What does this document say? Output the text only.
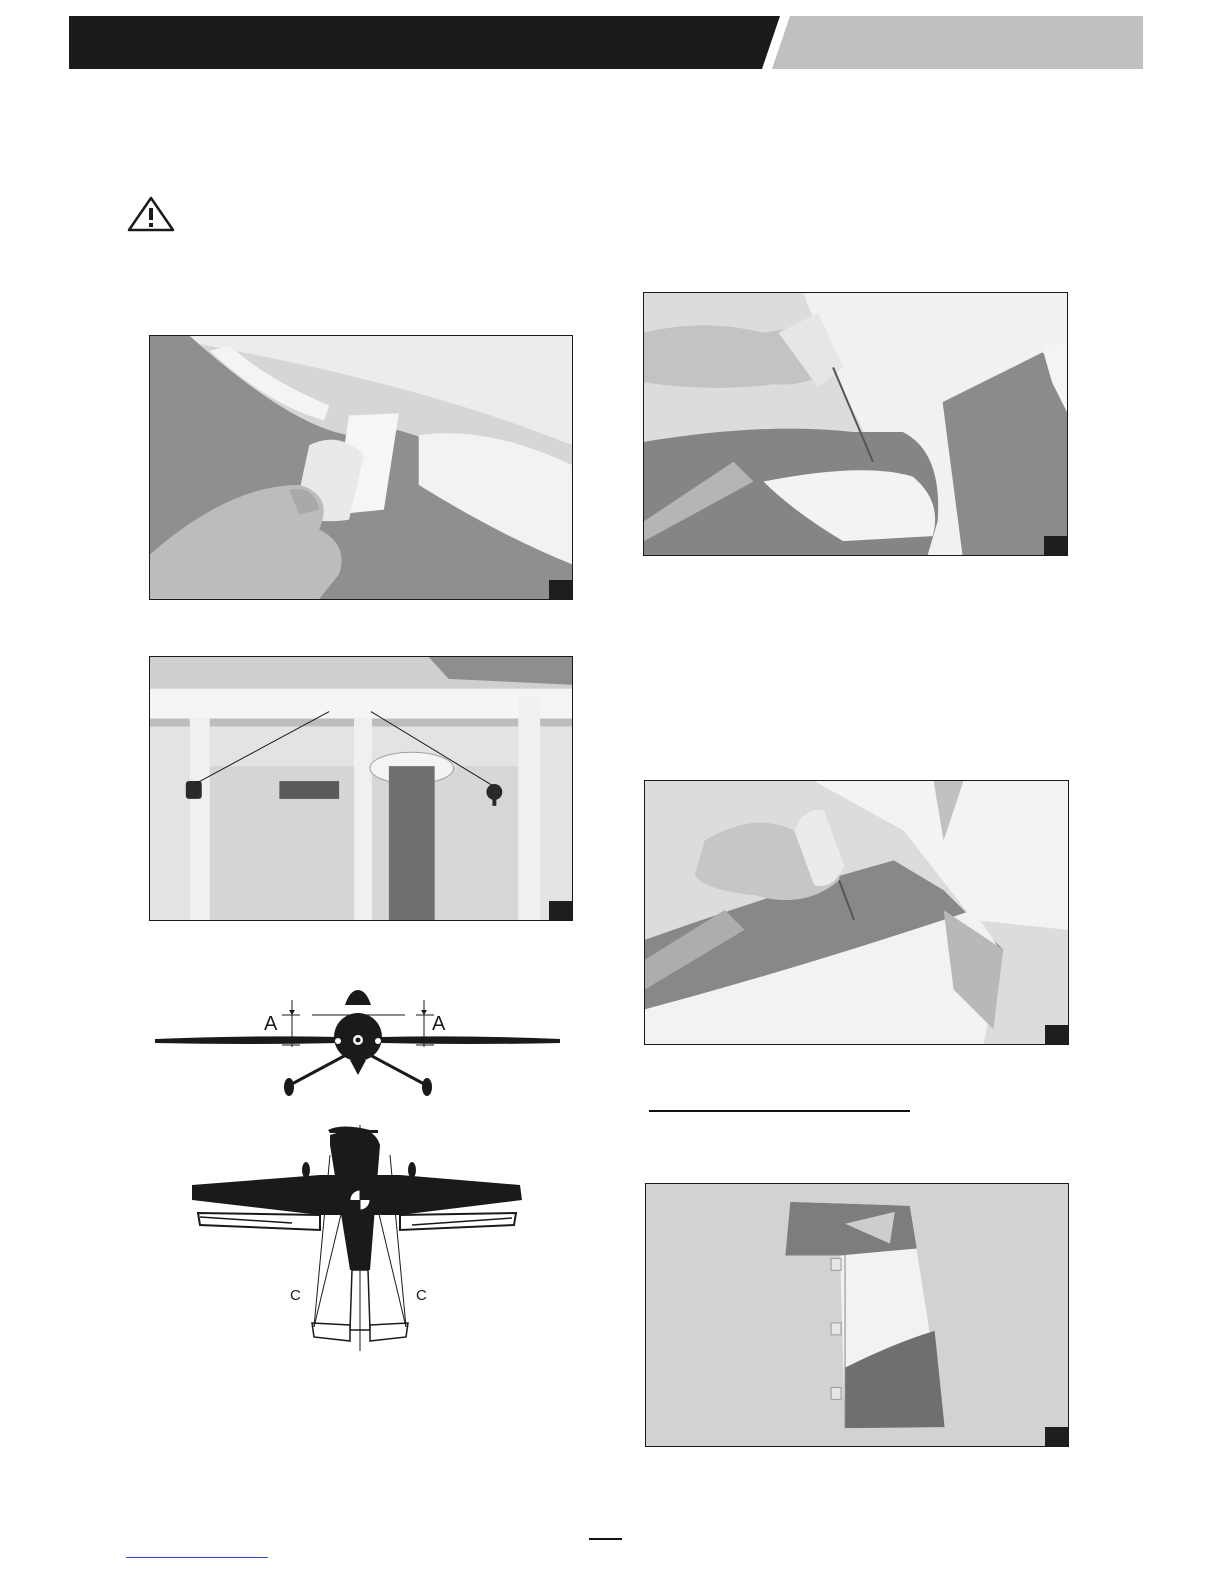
A	A
C	C
